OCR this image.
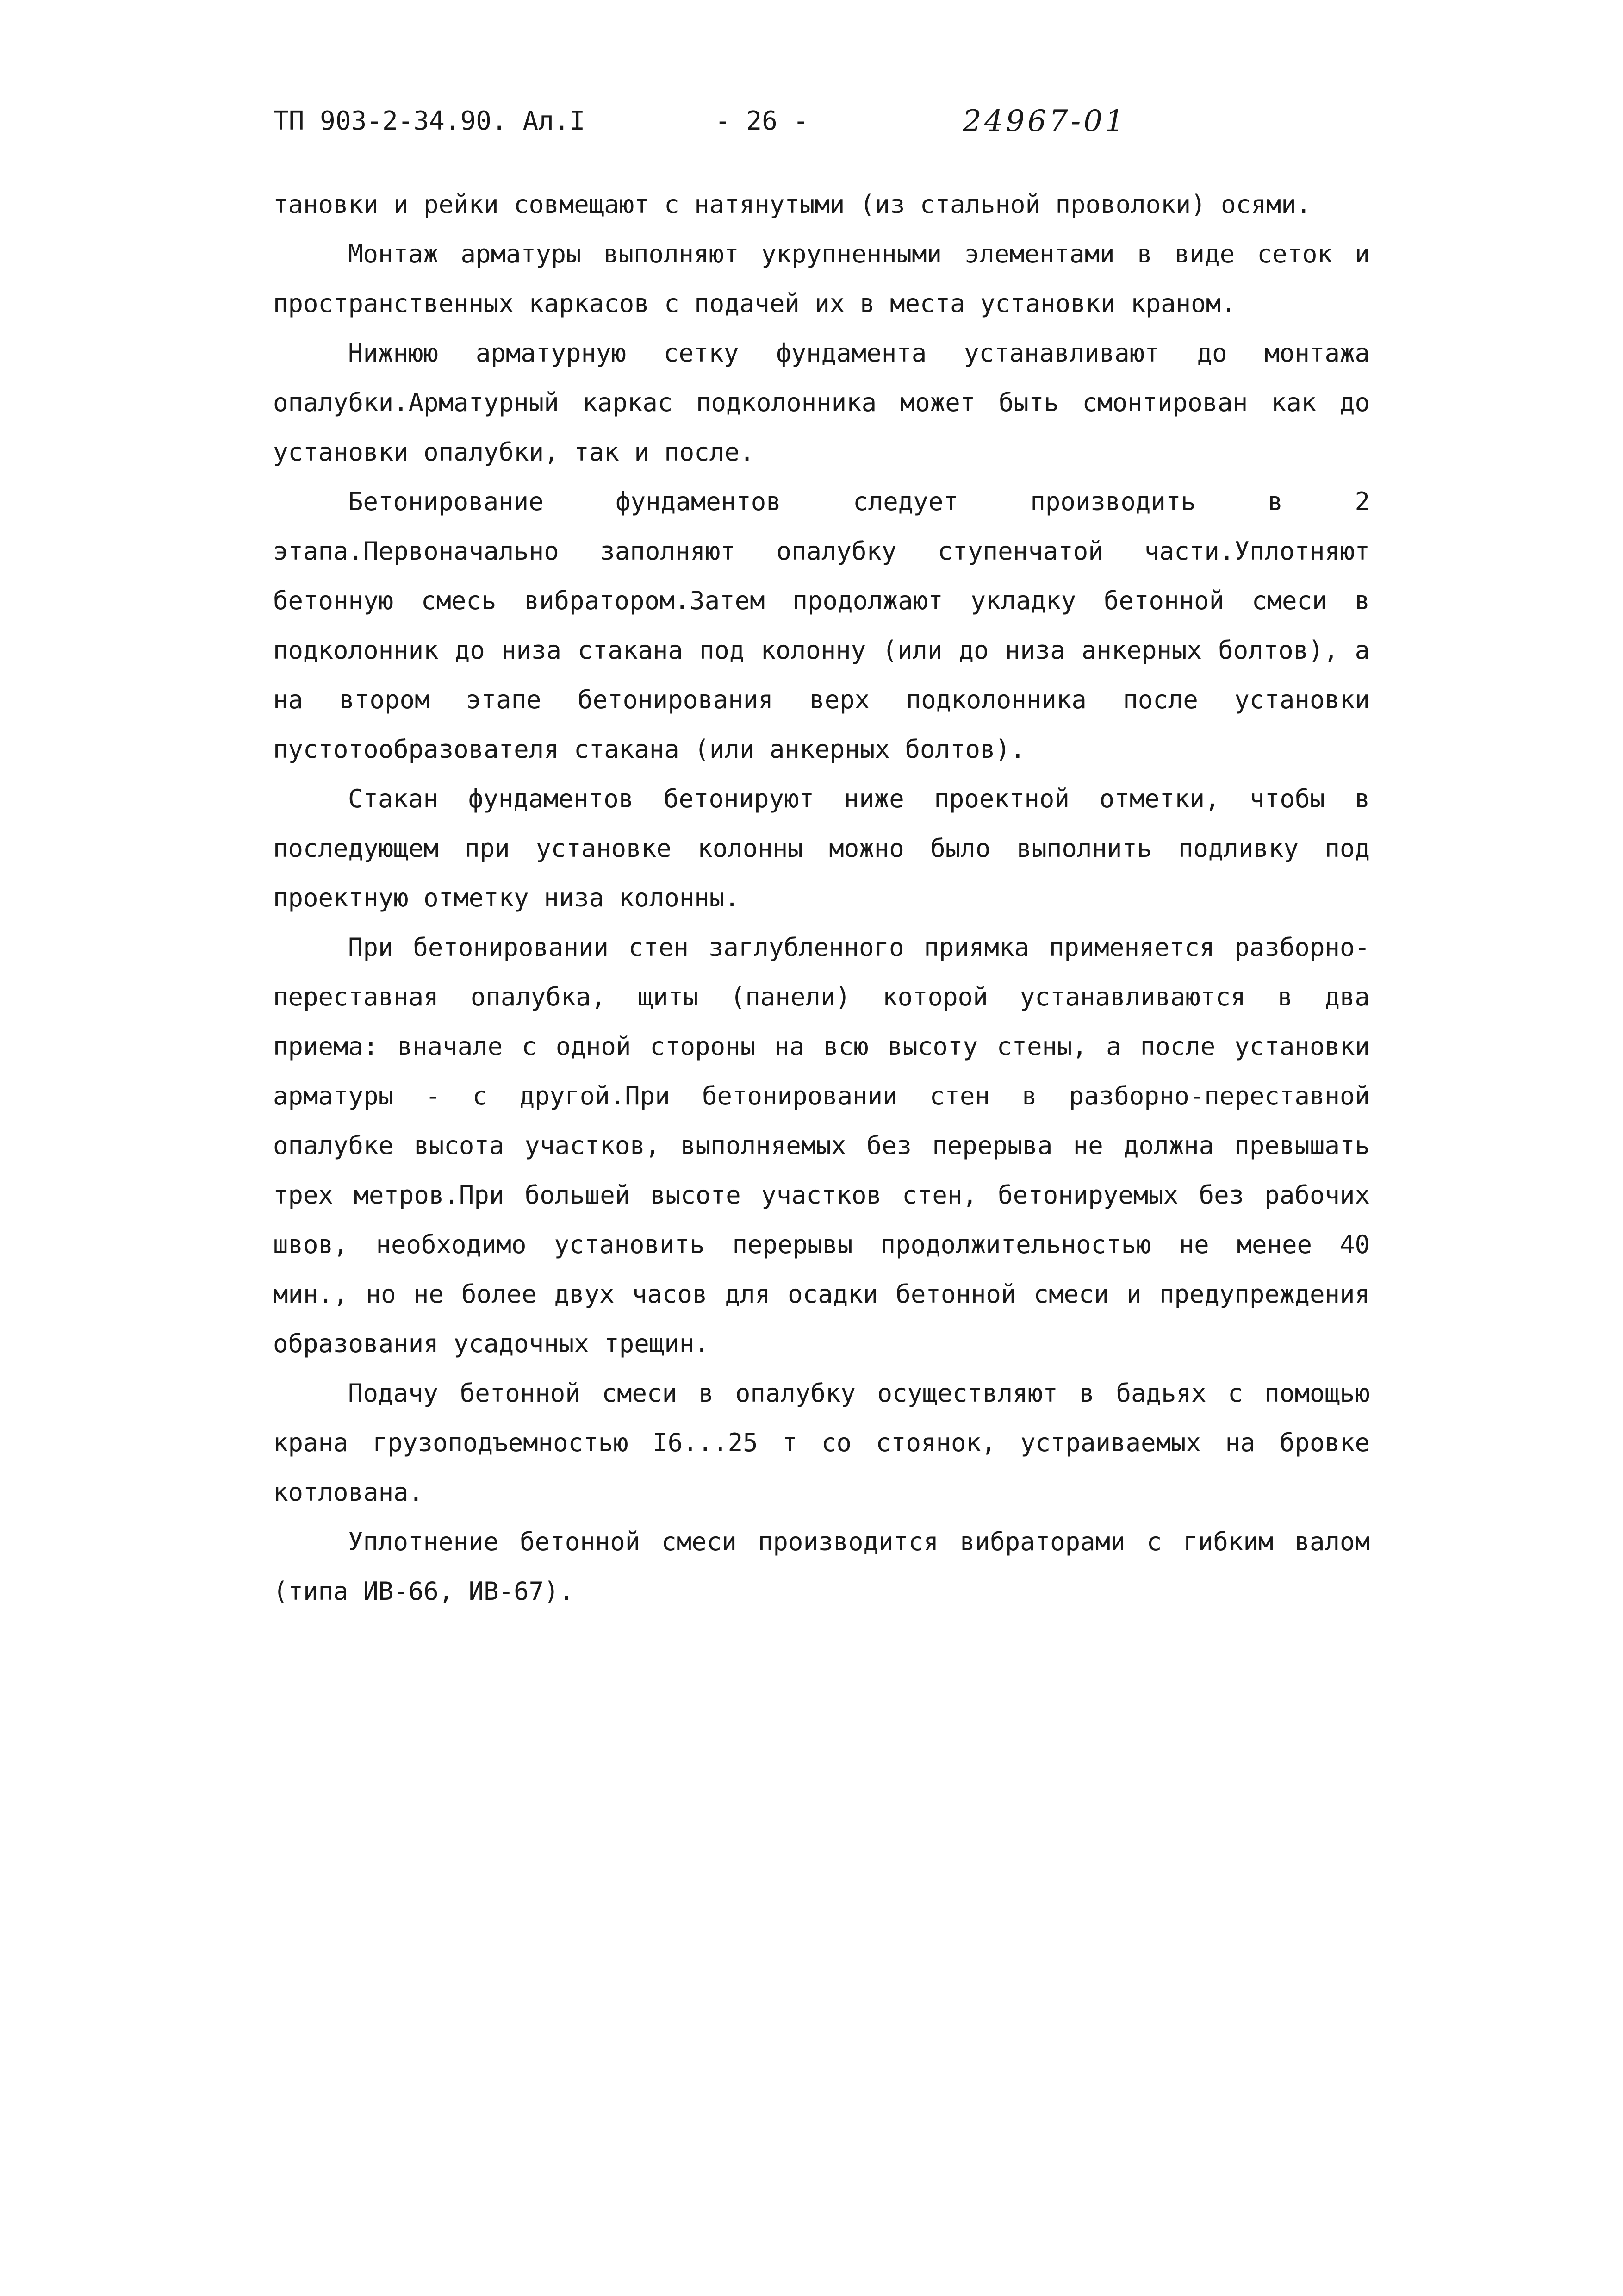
ТП 903-2-34.90. Ал.I	- 26 -	24967-01

тановки и рейки совмещают с натянутыми (из стальной проволоки) осями.

Монтаж арматуры выполняют укрупненными элементами в виде сеток и пространственных каркасов с подачей их в места установки краном.

Нижнюю арматурную сетку фундамента устанавливают до монтажа опалубки.Арматурный каркас подколонника может быть смонтирован как до установки опалубки, так и после.

Бетонирование фундаментов следует производить в 2 этапа.Первоначально заполняют опалубку ступенчатой части.Уплотняют бетонную смесь вибратором.Затем продолжают укладку бетонной смеси в подколонник до низа стакана под колонну (или до низа анкерных болтов), а на втором этапе бетонирования верх подколонника после установки пустотообразователя стакана (или анкерных болтов).

Стакан фундаментов бетонируют ниже проектной отметки, чтобы в последующем при установке колонны можно было выполнить подливку под проектную отметку низа колонны.

При бетонировании стен заглубленного приямка применяется разборно-переставная опалубка, щиты (панели) которой устанавливаются в два приема: вначале с одной стороны на всю высоту стены, а после установки арматуры - с другой.При бетонировании стен в разборно-переставной опалубке высота участков, выполняемых без перерыва не должна превышать трех метров.При большей высоте участков стен, бетонируемых без рабочих швов, необходимо установить перерывы продолжительностью не менее 40 мин., но не более двух часов для осадки бетонной смеси и предупреждения образования усадочных трещин.

Подачу бетонной смеси в опалубку осуществляют в бадьях с помощью крана грузоподъемностью I6...25 т со стоянок, устраиваемых на бровке котлована.

Уплотнение бетонной смеси производится вибраторами с гибким валом (типа ИВ-66, ИВ-67).
